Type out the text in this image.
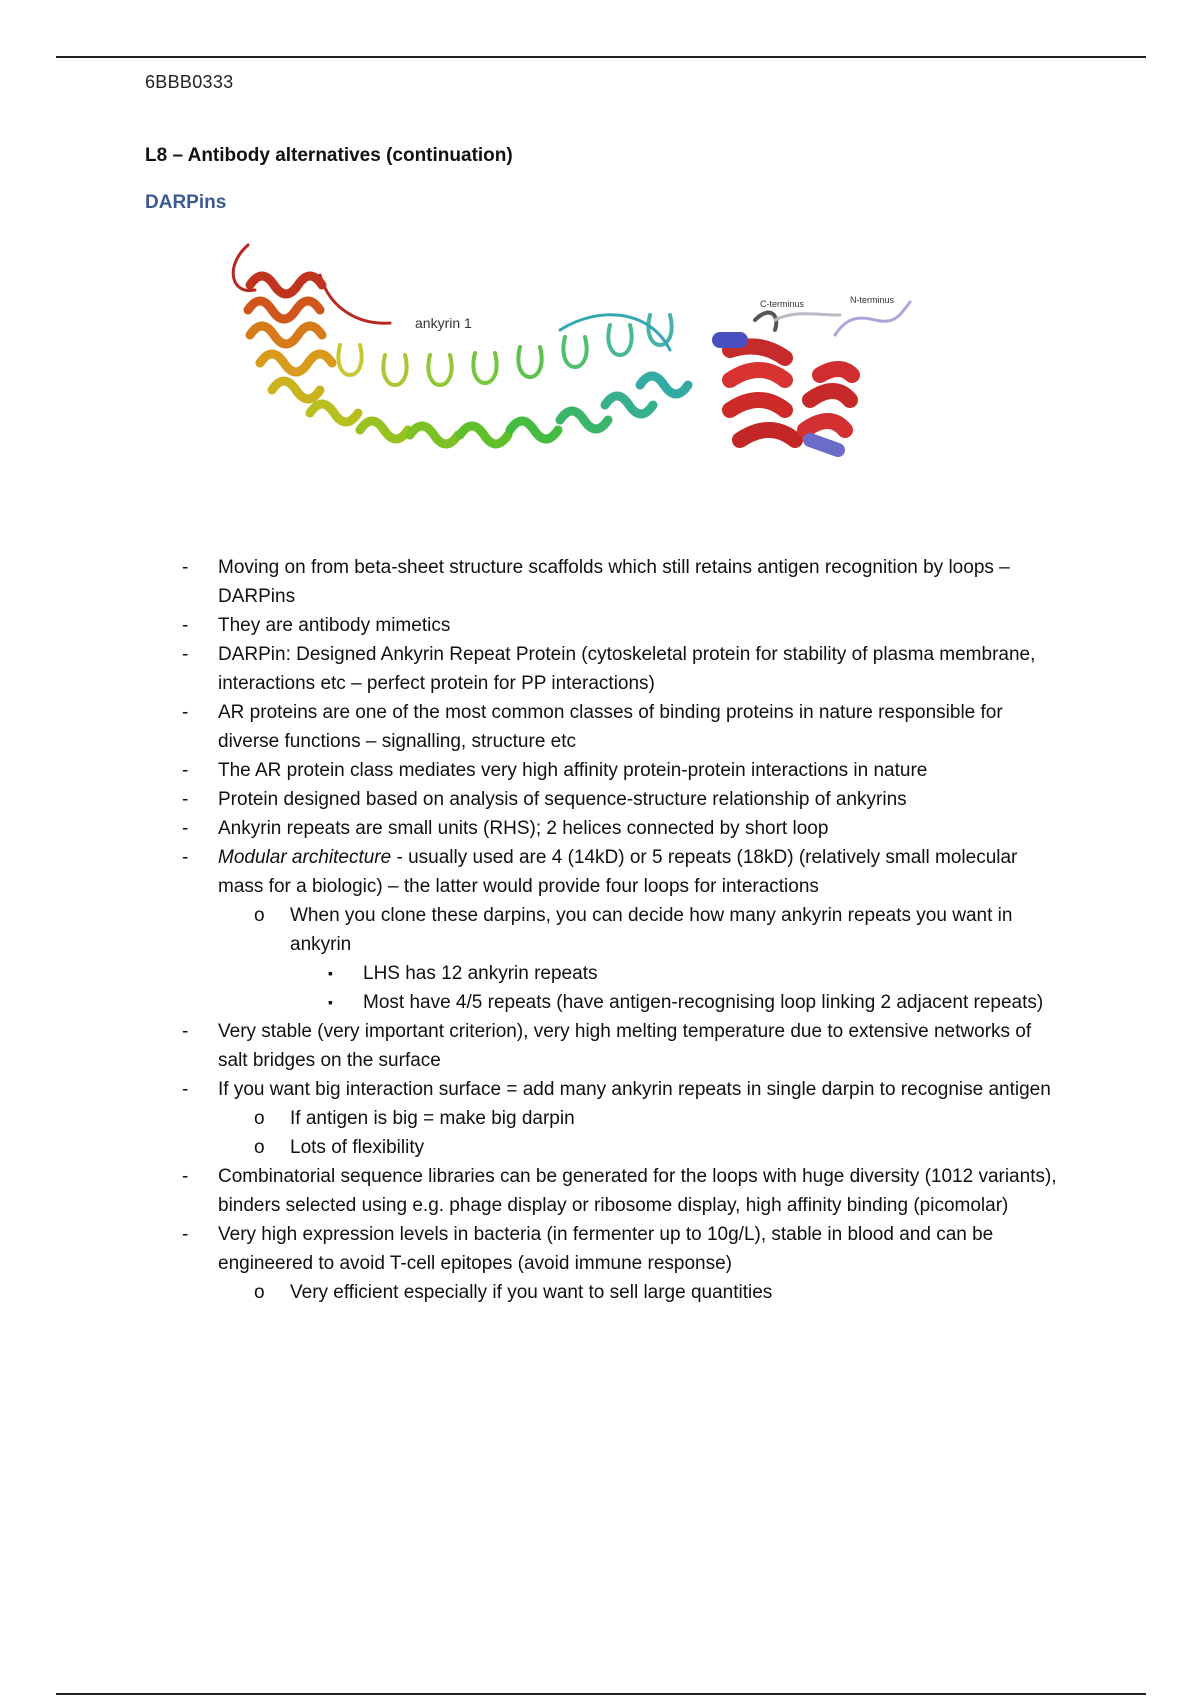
6BBB0333
L8 – Antibody alternatives (continuation)
DARPins
ankyrin 1
C-terminus	N-terminus
- Moving on from beta-sheet structure scaffolds which still retains antigen recognition by loops – DARPins
- They are antibody mimetics
- DARPin: Designed Ankyrin Repeat Protein (cytoskeletal protein for stability of plasma membrane, interactions etc – perfect protein for PP interactions)
- AR proteins are one of the most common classes of binding proteins in nature responsible for diverse functions – signalling, structure etc
- The AR protein class mediates very high affinity protein-protein interactions in nature
- Protein designed based on analysis of sequence-structure relationship of ankyrins
- Ankyrin repeats are small units (RHS); 2 helices connected by short loop
- Modular architecture - usually used are 4 (14kD) or 5 repeats (18kD) (relatively small molecular mass for a biologic) – the latter would provide four loops for interactions
o When you clone these darpins, you can decide how many ankyrin repeats you want in ankyrin
▪ LHS has 12 ankyrin repeats
▪ Most have 4/5 repeats (have antigen-recognising loop linking 2 adjacent repeats)
- Very stable (very important criterion), very high melting temperature due to extensive networks of salt bridges on the surface
- If you want big interaction surface = add many ankyrin repeats in single darpin to recognise antigen
o If antigen is big = make big darpin
o Lots of flexibility
- Combinatorial sequence libraries can be generated for the loops with huge diversity (1012 variants), binders selected using e.g. phage display or ribosome display, high affinity binding (picomolar)
- Very high expression levels in bacteria (in fermenter up to 10g/L), stable in blood and can be engineered to avoid T-cell epitopes (avoid immune response)
o Very efficient especially if you want to sell large quantities
